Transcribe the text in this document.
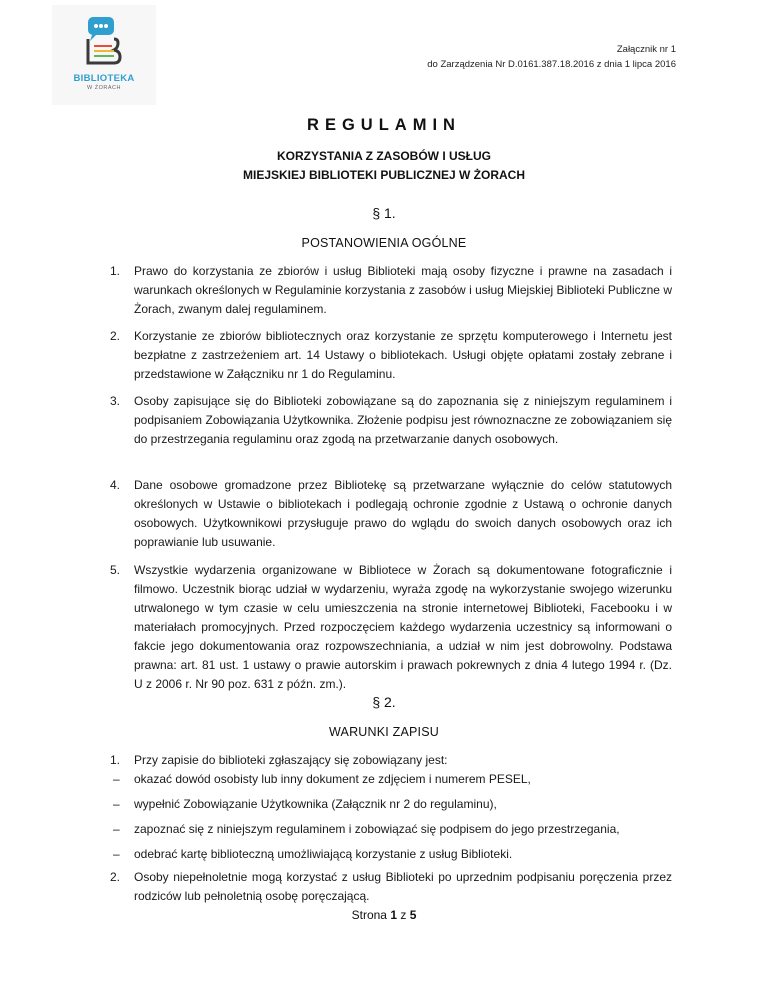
BIBLIOTEKA
W ŻORACH
Załącznik nr 1
do Zarządzenia Nr D.0161.387.18.2016 z dnia 1 lipca 2016
REGULAMIN
KORZYSTANIA Z ZASOBÓW I USŁUG
MIEJSKIEJ BIBLIOTEKI PUBLICZNEJ W ŻORACH
§ 1.
POSTANOWIENIA OGÓLNE
1. Prawo do korzystania ze zbiorów i usług Biblioteki mają osoby fizyczne i prawne na zasadach i warunkach określonych w Regulaminie korzystania z zasobów i usług Miejskiej Biblioteki Publiczne w Żorach, zwanym dalej regulaminem.
2. Korzystanie ze zbiorów bibliotecznych oraz korzystanie ze sprzętu komputerowego i Internetu jest bezpłatne z zastrzeżeniem art. 14 Ustawy o bibliotekach. Usługi objęte opłatami zostały zebrane i przedstawione w Załączniku nr 1 do Regulaminu.
3. Osoby zapisujące się do Biblioteki zobowiązane są do zapoznania się z niniejszym regulaminem i podpisaniem Zobowiązania Użytkownika. Złożenie podpisu jest równoznaczne ze zobowiązaniem się do przestrzegania regulaminu oraz zgodą na przetwarzanie danych osobowych.
4. Dane osobowe gromadzone przez Bibliotekę są przetwarzane wyłącznie do celów statutowych określonych w Ustawie o bibliotekach i podlegają ochronie zgodnie z Ustawą o ochronie danych osobowych. Użytkownikowi przysługuje prawo do wglądu do swoich danych osobowych oraz ich poprawianie lub usuwanie.
5. Wszystkie wydarzenia organizowane w Bibliotece w Żorach są dokumentowane fotograficznie i filmowo. Uczestnik biorąc udział w wydarzeniu, wyraża zgodę na wykorzystanie swojego wizerunku utrwalonego w tym czasie w celu umieszczenia na stronie internetowej Biblioteki, Facebooku i w materiałach promocyjnych. Przed rozpoczęciem każdego wydarzenia uczestnicy są informowani o fakcie jego dokumentowania oraz rozpowszechniania, a udział w nim jest dobrowolny. Podstawa prawna: art. 81 ust. 1 ustawy o prawie autorskim i prawach pokrewnych z dnia 4 lutego 1994 r. (Dz. U z 2006 r. Nr 90 poz. 631 z późn. zm.).
§ 2.
WARUNKI ZAPISU
1. Przy zapisie do biblioteki zgłaszający się zobowiązany jest:
– okazać dowód osobisty lub inny dokument ze zdjęciem i numerem PESEL,
– wypełnić Zobowiązanie Użytkownika (Załącznik nr 2 do regulaminu),
– zapoznać się z niniejszym regulaminem i zobowiązać się podpisem do jego przestrzegania,
– odebrać kartę biblioteczną umożliwiającą korzystanie z usług Biblioteki.
2. Osoby niepełnoletnie mogą korzystać z usług Biblioteki po uprzednim podpisaniu poręczenia przez rodziców lub pełnoletnią osobę poręczającą.
Strona 1 z 5
